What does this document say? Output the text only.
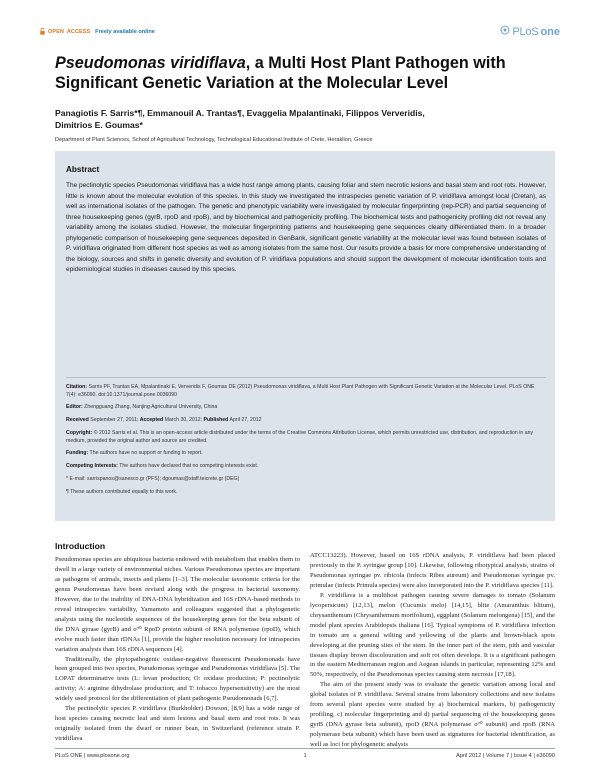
OPEN ACCESS Freely available online	PLoS one
Pseudomonas viridiflava, a Multi Host Plant Pathogen with Significant Genetic Variation at the Molecular Level
Panagiotis F. Sarris*¶, Emmanouil A. Trantas¶, Evaggelia Mpalantinaki, Filippos Ververidis,
Dimitrios E. Goumas*
Department of Plant Sciences, School of Agricultural Technology, Technological Educational Institute of Crete, Heraklion, Greece
Abstract
The pectinolytic species Pseudomonas viridiflava has a wide host range among plants, causing foliar and stem necrotic lesions and basal stem and root rots. However, little is known about the molecular evolution of this species. In this study we investigated the intraspecies genetic variation of P. viridiflava amongst local (Cretan), as well as international isolates of the pathogen. The genetic and phenotypic variability were investigated by molecular fingerprinting (rep-PCR) and partial sequencing of three housekeeping genes (gyrB, rpoD and rpoB), and by biochemical and pathogenicity profiling. The biochemical tests and pathogenicity profiling did not reveal any variability among the isolates studied. However, the molecular fingerprinting patterns and housekeeping gene sequences clearly differentiated them. In a broader phylogenetic comparison of housekeeping gene sequences deposited in GenBank, significant genetic variability at the molecular level was found between isolates of P. viridiflava originated from different host species as well as among isolates from the same host. Our results provide a basis for more comprehensive understanding of the biology, sources and shifts in genetic diversity and evolution of P. viridiflava populations and should support the development of molecular identification tools and epidemiological studies in diseases caused by this species.
Citation: Sarris PF, Trantas EA, Mpalantinaki E, Ververidis F, Goumas DE (2012) Pseudomonas viridiflava, a Multi Host Plant Pathogen with Significant Genetic Variation at the Molecular Level. PLoS ONE 7(4): e36090. doi:10.1371/journal.pone.0036090
Editor: Zhengguang Zhang, Nanjing Agricultural University, China
Received September 27, 2011; Accepted March 30, 2012; Published April 27, 2012
Copyright: © 2012 Sarris et al. This is an open-access article distributed under the terms of the Creative Commons Attribution License, which permits unrestricted use, distribution, and reproduction in any medium, provided the original author and source are credited.
Funding: The authors have no support or funding to report.
Competing Interests: The authors have declared that no competing interests exist.
* E-mail: sarrispanos@sanesco.gr (PFS); dgoumas@staff.teicrete.gr (DEG)
¶ These authors contributed equally to this work.
Introduction

Pseudomonas species are ubiquitous bacteria endowed with metabolism that enables them to dwell in a large variety of environmental niches. Various Pseudomonas species are important as pathogens of animals, insects and plants [1–3]. The molecular taxonomic criteria for the genus Pseudomonas have been revised along with the progress in bacterial taxonomy. However, due to the inability of DNA-DNA hybridization and 16S rDNA-based methods to reveal intraspecies variability, Yamamoto and colleagues suggested that a phylogenetic analysis using the nucleotide sequences of the housekeeping genes for the beta subunit of the DNA gyrase (gyrB) and σ⁷⁰ RpoD protein subunit of RNA polymerase (rpoD), which evolve much faster than rDNAs [1], provide the higher resolution necessary for intraspecies variation analysis than 16S rDNA sequences [4].

Traditionally, the phytopathogenic oxidase-negative fluorescent Pseudomonads have been grouped into two species, Pseudomonas syringae and Pseudomonas viridiflava [5]. The LOPAT determinative tests (L: levan production; O: oxidase production; P: pectinolytic activity; A: arginine dihydrolase production; and T: tobacco hypersensitivity) are the most widely used protocol for the differentiation of plant pathogenic Pseudomonads [6,7].

The pectinolytic species P. viridiflava (Burkholder) Dowson, [8,9] has a wide range of host species causing necrotic leaf and stem lesions and basal stem and root rots. It was originally isolated from the dwarf or runner bean, in Switzerland (reference strain P. viridiflava

ATCC13223). However, based on 16S rDNA analysis, P. viridiflava had been placed previously in the P. syringae group [10]. Likewise, following ribotypical analysis, strains of Pseudomonas syringae pv. ribicola (infects Ribes aureum) and Pseudomonas syringae pv. primulae (infects Primula species) were also incorporated into the P. viridiflava species [11].

P. viridiflava is a multihost pathogen causing severe damages to tomato (Solanum lycopersicum) [12,13], melon (Cucumis melo) [14,15], blite (Amaranthus blitum), chrysanthemum (Chrysanthemum morifolium), eggplant (Solanum melongena) [15], and the model plant species Arabidopsis thaliana [16]. Typical symptoms of P. viridiflava infection in tomato are a general wilting and yellowing of the plants and brown-black spots developing at the pruning sites of the stem. In the inner part of the stem, pith and vascular tissues display brown discolouration and soft rot often develops. It is a significant pathogen in the eastern Mediterranean region and Aegean islands in particular, representing 12% and 50%, respectively, of the Pseudomonas species causing stem necrosis [17,18].

The aim of the present study was to evaluate the genetic variation among local and global isolates of P. viridiflava. Several strains from laboratory collections and new isolates from several plant species were studied by a) biochemical markers, b) pathogenicity profiling, c) molecular fingerprinting and d) partial sequencing of the housekeeping genes gyrB (DNA gyrase beta subunit), rpoD (RNA polymerase σ⁷⁰ subunit) and rpoB (RNA polymerase beta subunit) which have been used as signatures for bacterial identification, as well as loci for phylogenetic analysis

PLoS ONE | www.plosone.org	1	April 2012 | Volume 7 | Issue 4 | e36090
